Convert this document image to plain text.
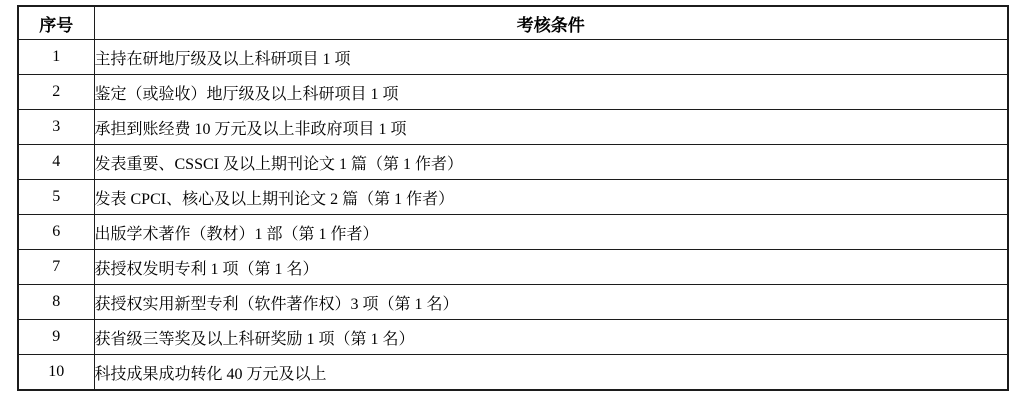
序号	考核条件
1	主持在研地厅级及以上科研项目 1 项
2	鉴定（或验收）地厅级及以上科研项目 1 项
3	承担到账经费 10 万元及以上非政府项目 1 项
4	发表重要、CSSCI 及以上期刊论文 1 篇（第 1 作者）
5	发表 CPCI、核心及以上期刊论文 2 篇（第 1 作者）
6	出版学术著作（教材）1 部（第 1 作者）
7	获授权发明专利 1 项（第 1 名）
8	获授权实用新型专利（软件著作权）3 项（第 1 名）
9	获省级三等奖及以上科研奖励 1 项（第 1 名）
10	科技成果成功转化 40 万元及以上
